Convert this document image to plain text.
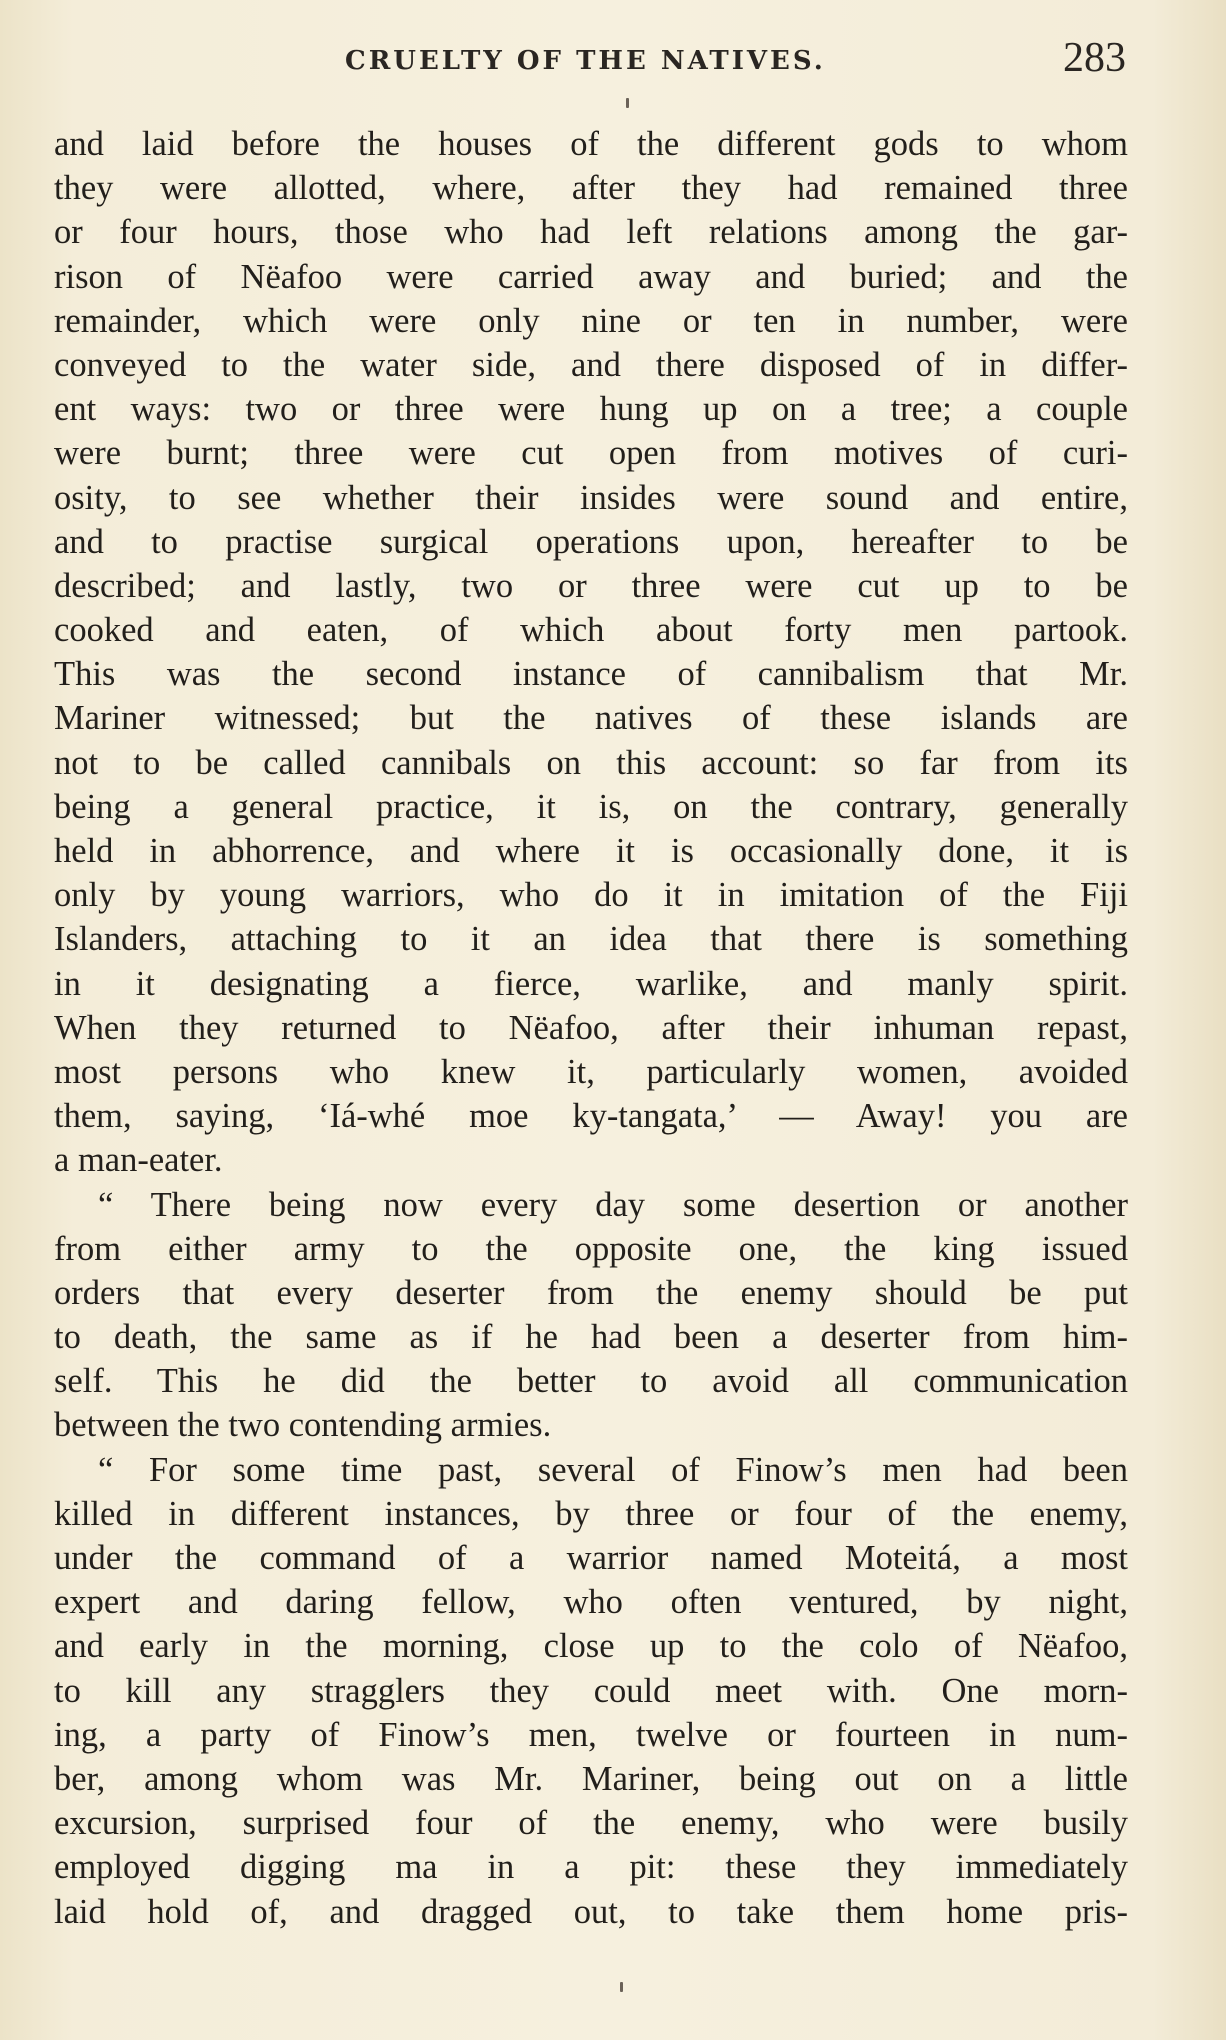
CRUELTY OF THE NATIVES.	283
and laid before the houses of the different gods to whom
they were allotted, where, after they had remained three
or four hours, those who had left relations among the gar-
rison of Nëafoo were carried away and buried; and the
remainder, which were only nine or ten in number, were
conveyed to the water side, and there disposed of in differ-
ent ways: two or three were hung up on a tree; a couple
were burnt; three were cut open from motives of curi-
osity, to see whether their insides were sound and entire,
and to practise surgical operations upon, hereafter to be
described; and lastly, two or three were cut up to be
cooked and eaten, of which about forty men partook.
This was the second instance of cannibalism that Mr.
Mariner witnessed; but the natives of these islands are
not to be called cannibals on this account: so far from its
being a general practice, it is, on the contrary, generally
held in abhorrence, and where it is occasionally done, it is
only by young warriors, who do it in imitation of the Fiji
Islanders, attaching to it an idea that there is something
in it designating a fierce, warlike, and manly spirit.
When they returned to Nëafoo, after their inhuman repast,
most persons who knew it, particularly women, avoided
them, saying, ‘Iá-whé moe ky-tangata,’ — Away! you are
a man-eater.
“ There being now every day some desertion or another
from either army to the opposite one, the king issued
orders that every deserter from the enemy should be put
to death, the same as if he had been a deserter from him-
self. This he did the better to avoid all communication
between the two contending armies.
“ For some time past, several of Finow’s men had been
killed in different instances, by three or four of the enemy,
under the command of a warrior named Moteitá, a most
expert and daring fellow, who often ventured, by night,
and early in the morning, close up to the colo of Nëafoo,
to kill any stragglers they could meet with. One morn-
ing, a party of Finow’s men, twelve or fourteen in num-
ber, among whom was Mr. Mariner, being out on a little
excursion, surprised four of the enemy, who were busily
employed digging ma in a pit: these they immediately
laid hold of, and dragged out, to take them home pris-
